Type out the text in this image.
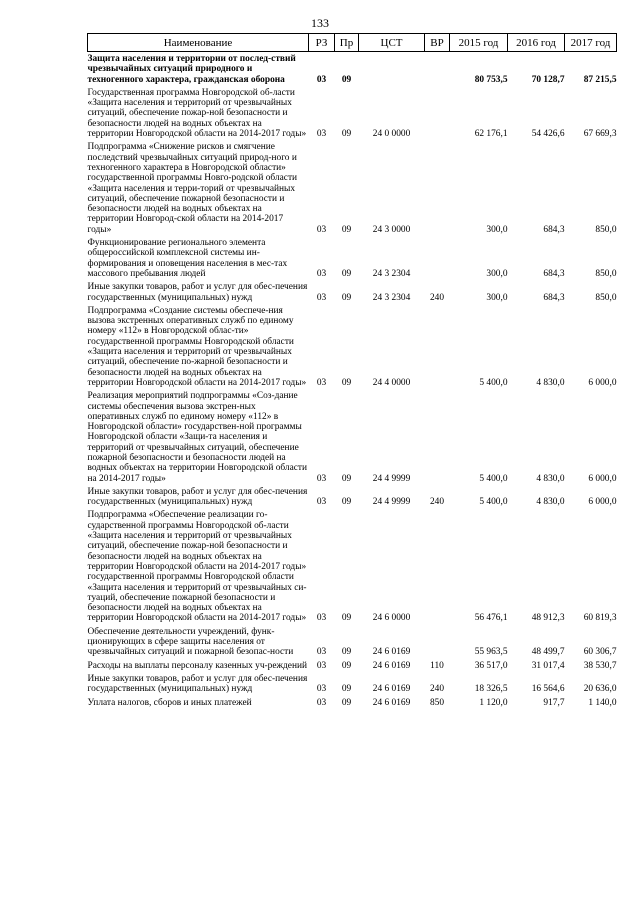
133
Наименование	РЗ	Пр	ЦСТ	ВР	2015 год	2016 год	2017 год
Защита населения и территории от послед-ствий чрезвычайных ситуаций природного и техногенного характера, гражданская оборона	03	09			80 753,5	70 128,7	87 215,5
Государственная программа Новгородской об-ласти «Защита населения и территорий от чрезвычайных ситуаций, обеспечение пожар-ной безопасности и безопасности людей на водных объектах на территории Новгородской области на 2014-2017 годы»	03	09	24 0 0000		62 176,1	54 426,6	67 669,3
Подпрограмма «Снижение рисков и смягчение последствий чрезвычайных ситуаций природ-ного и техногенного характера в Новгородской области» государственной программы Новго-родской области «Защита населения и терри-торий от чрезвычайных ситуаций, обеспечение пожарной безопасности и безопасности людей на водных объектах на территории Новгород-ской области на 2014-2017 годы»	03	09	24 3 0000		300,0	684,3	850,0
Функционирование регионального элемента общероссийской комплексной системы ин-формирования и оповещения населения в мес-тах массового пребывания людей	03	09	24 3 2304		300,0	684,3	850,0
Иные закупки товаров, работ и услуг для обес-печения государственных (муниципальных) нужд	03	09	24 3 2304	240	300,0	684,3	850,0
Подпрограмма «Создание системы обеспече-ния вызова экстренных оперативных служб по единому номеру «112» в Новгородской облас-ти» государственной программы Новгородской области «Защита населения и территорий от чрезвычайных ситуаций, обеспечение по-жарной безопасности и безопасности людей на водных объектах на территории Новгородской области на 2014-2017 годы»	03	09	24 4 0000		5 400,0	4 830,0	6 000,0
Реализация мероприятий подпрограммы «Соз-дание системы обеспечения вызова экстрен-ных оперативных служб по единому номеру «112» в Новгородской области» государствен-ной программы Новгородской области «Защи-та населения и территорий от чрезвычайных ситуаций, обеспечение пожарной безопасности и безопасности людей на водных объектах на территории Новгородской области на 2014-2017 годы»	03	09	24 4 9999		5 400,0	4 830,0	6 000,0
Иные закупки товаров, работ и услуг для обес-печения государственных (муниципальных) нужд	03	09	24 4 9999	240	5 400,0	4 830,0	6 000,0
Подпрограмма «Обеспечение реализации го-сударственной программы Новгородской об-ласти «Защита населения и территорий от чрезвычайных ситуаций, обеспечение пожар-ной безопасности и безопасности людей на водных объектах на территории Новгородской области на 2014-2017 годы» государственной программы Новгородской области «Защита населения и территорий от чрезвычайных си-туаций, обеспечение пожарной безопасности и безопасности людей на водных объектах на территории Новгородской области на 2014-2017 годы»	03	09	24 6 0000		56 476,1	48 912,3	60 819,3
Обеспечение деятельности учреждений, функ-ционирующих в сфере защиты населения от чрезвычайных ситуаций и пожарной безопас-ности	03	09	24 6 0169		55 963,5	48 499,7	60 306,7
Расходы на выплаты персоналу казенных уч-реждений	03	09	24 6 0169	110	36 517,0	31 017,4	38 530,7
Иные закупки товаров, работ и услуг для обес-печения государственных (муниципальных) нужд	03	09	24 6 0169	240	18 326,5	16 564,6	20 636,0
Уплата налогов, сборов и иных платежей	03	09	24 6 0169	850	1 120,0	917,7	1 140,0
